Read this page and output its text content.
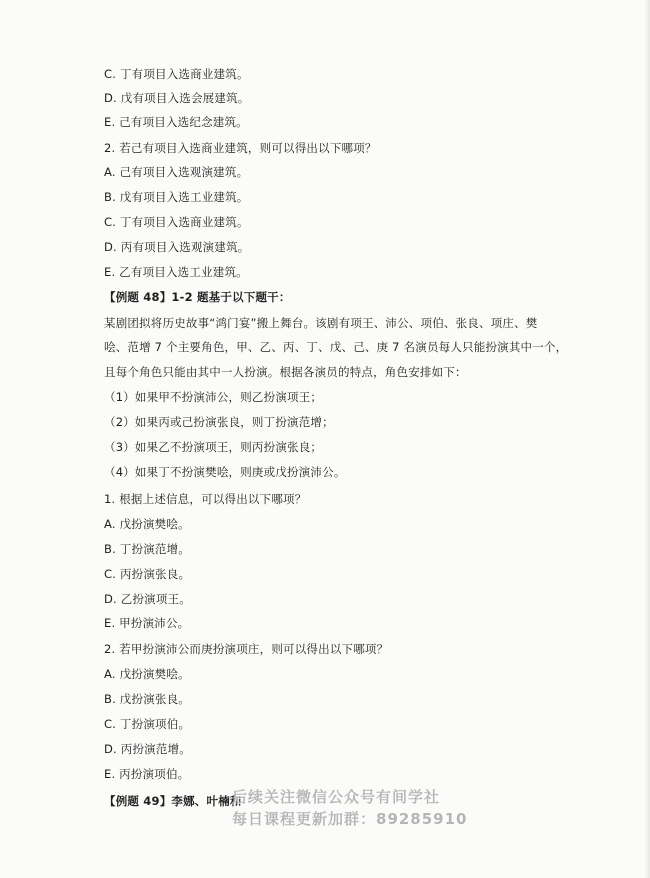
C. 丁有项目入选商业建筑。
D. 戊有项目入选会展建筑。
E. 己有项目入选纪念建筑。
2. 若己有项目入选商业建筑，则可以得出以下哪项？
A. 己有项目入选观演建筑。
B. 戊有项目入选工业建筑。
C. 丁有项目入选商业建筑。
D. 丙有项目入选观演建筑。
E. 乙有项目入选工业建筑。
【例题 48】1-2 题基于以下题干：
某剧团拟将历史故事“鸿门宴”搬上舞台。该剧有项王、沛公、项伯、张良、项庄、樊
哙、范增 7 个主要角色，甲、乙、丙、丁、戊、己、庚 7 名演员每人只能扮演其中一个，
且每个角色只能由其中一人扮演。根据各演员的特点，角色安排如下：
（1）如果甲不扮演沛公，则乙扮演项王；
（2）如果丙或己扮演张良，则丁扮演范增；
（3）如果乙不扮演项王，则丙扮演张良；
（4）如果丁不扮演樊哙，则庚或戊扮演沛公。
1. 根据上述信息，可以得出以下哪项？
A. 戊扮演樊哙。
B. 丁扮演范增。
C. 丙扮演张良。
D. 乙扮演项王。
E. 甲扮演沛公。
2. 若甲扮演沛公而庚扮演项庄，则可以得出以下哪项？
A. 戊扮演樊哙。
B. 戊扮演张良。
C. 丁扮演项伯。
D. 丙扮演范增。
E. 丙扮演项伯。
【例题 49】李娜、叶楠和
后续关注微信公众号有间学社
每日课程更新加群：89285910
